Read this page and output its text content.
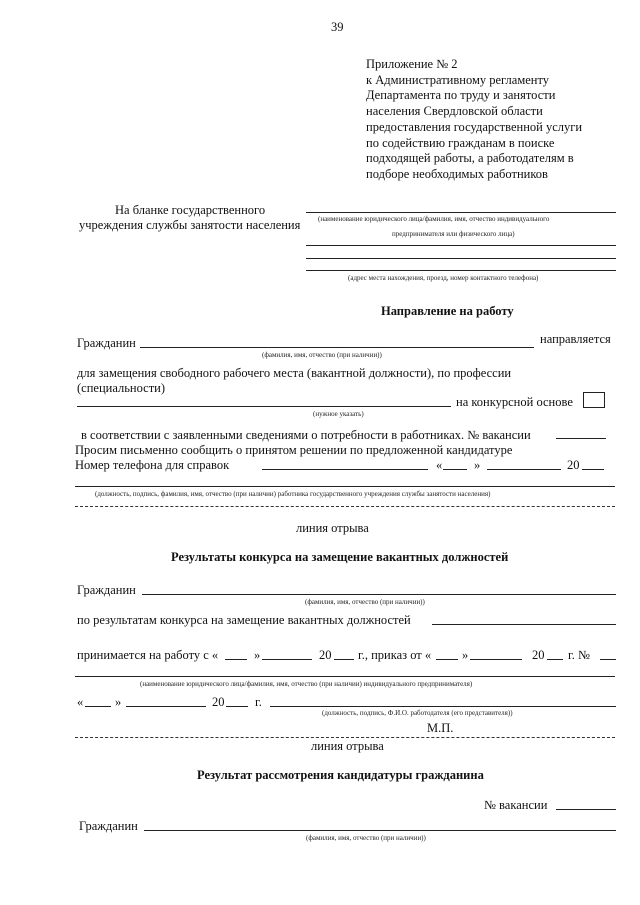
39
Приложение № 2
к Административному регламенту
Департамента по труду и занятости
населения Свердловской области
предоставления государственной услуги
по содействию гражданам в поиске
подходящей работы, а работодателям в
подборе необходимых работников
На бланке государственного
учреждения службы занятости населения	(наименование юридического лица/фамилия, имя, отчество индивидуального
предпринимателя или физического лица)
(адрес места нахождения, проезд, номер контактного телефона)
Направление на работу
Гражданин	направляется
(фамилия, имя, отчество (при наличии))
для замещения свободного рабочего места (вакантной должности), по профессии
(специальности)
на конкурсной основе
(нужное указать)
в соответствии с заявленными сведениями о потребности в работниках. № вакансии
Просим письменно сообщить о принятом решении по предложенной кандидатуре
Номер телефона для справок	«	»	20
(должность, подпись, фамилия, имя, отчество (при наличии) работника государственного учреждения службы занятости населения)
линия отрыва
Результаты конкурса на замещение вакантных должностей
Гражданин
(фамилия, имя, отчество (при наличии))
по результатам конкурса на замещение вакантных должностей
принимается на работу с «	»	20 г., приказ от « »	20 г. №
(наименование юридического лица/фамилия, имя, отчество (при наличии) индивидуального предпринимателя)
«	»	20 г.
(должность, подпись, Ф.И.О. работодателя (его представителя))
М.П.
линия отрыва
Результат рассмотрения кандидатуры гражданина
№ вакансии
Гражданин
(фамилия, имя, отчество (при наличии))
